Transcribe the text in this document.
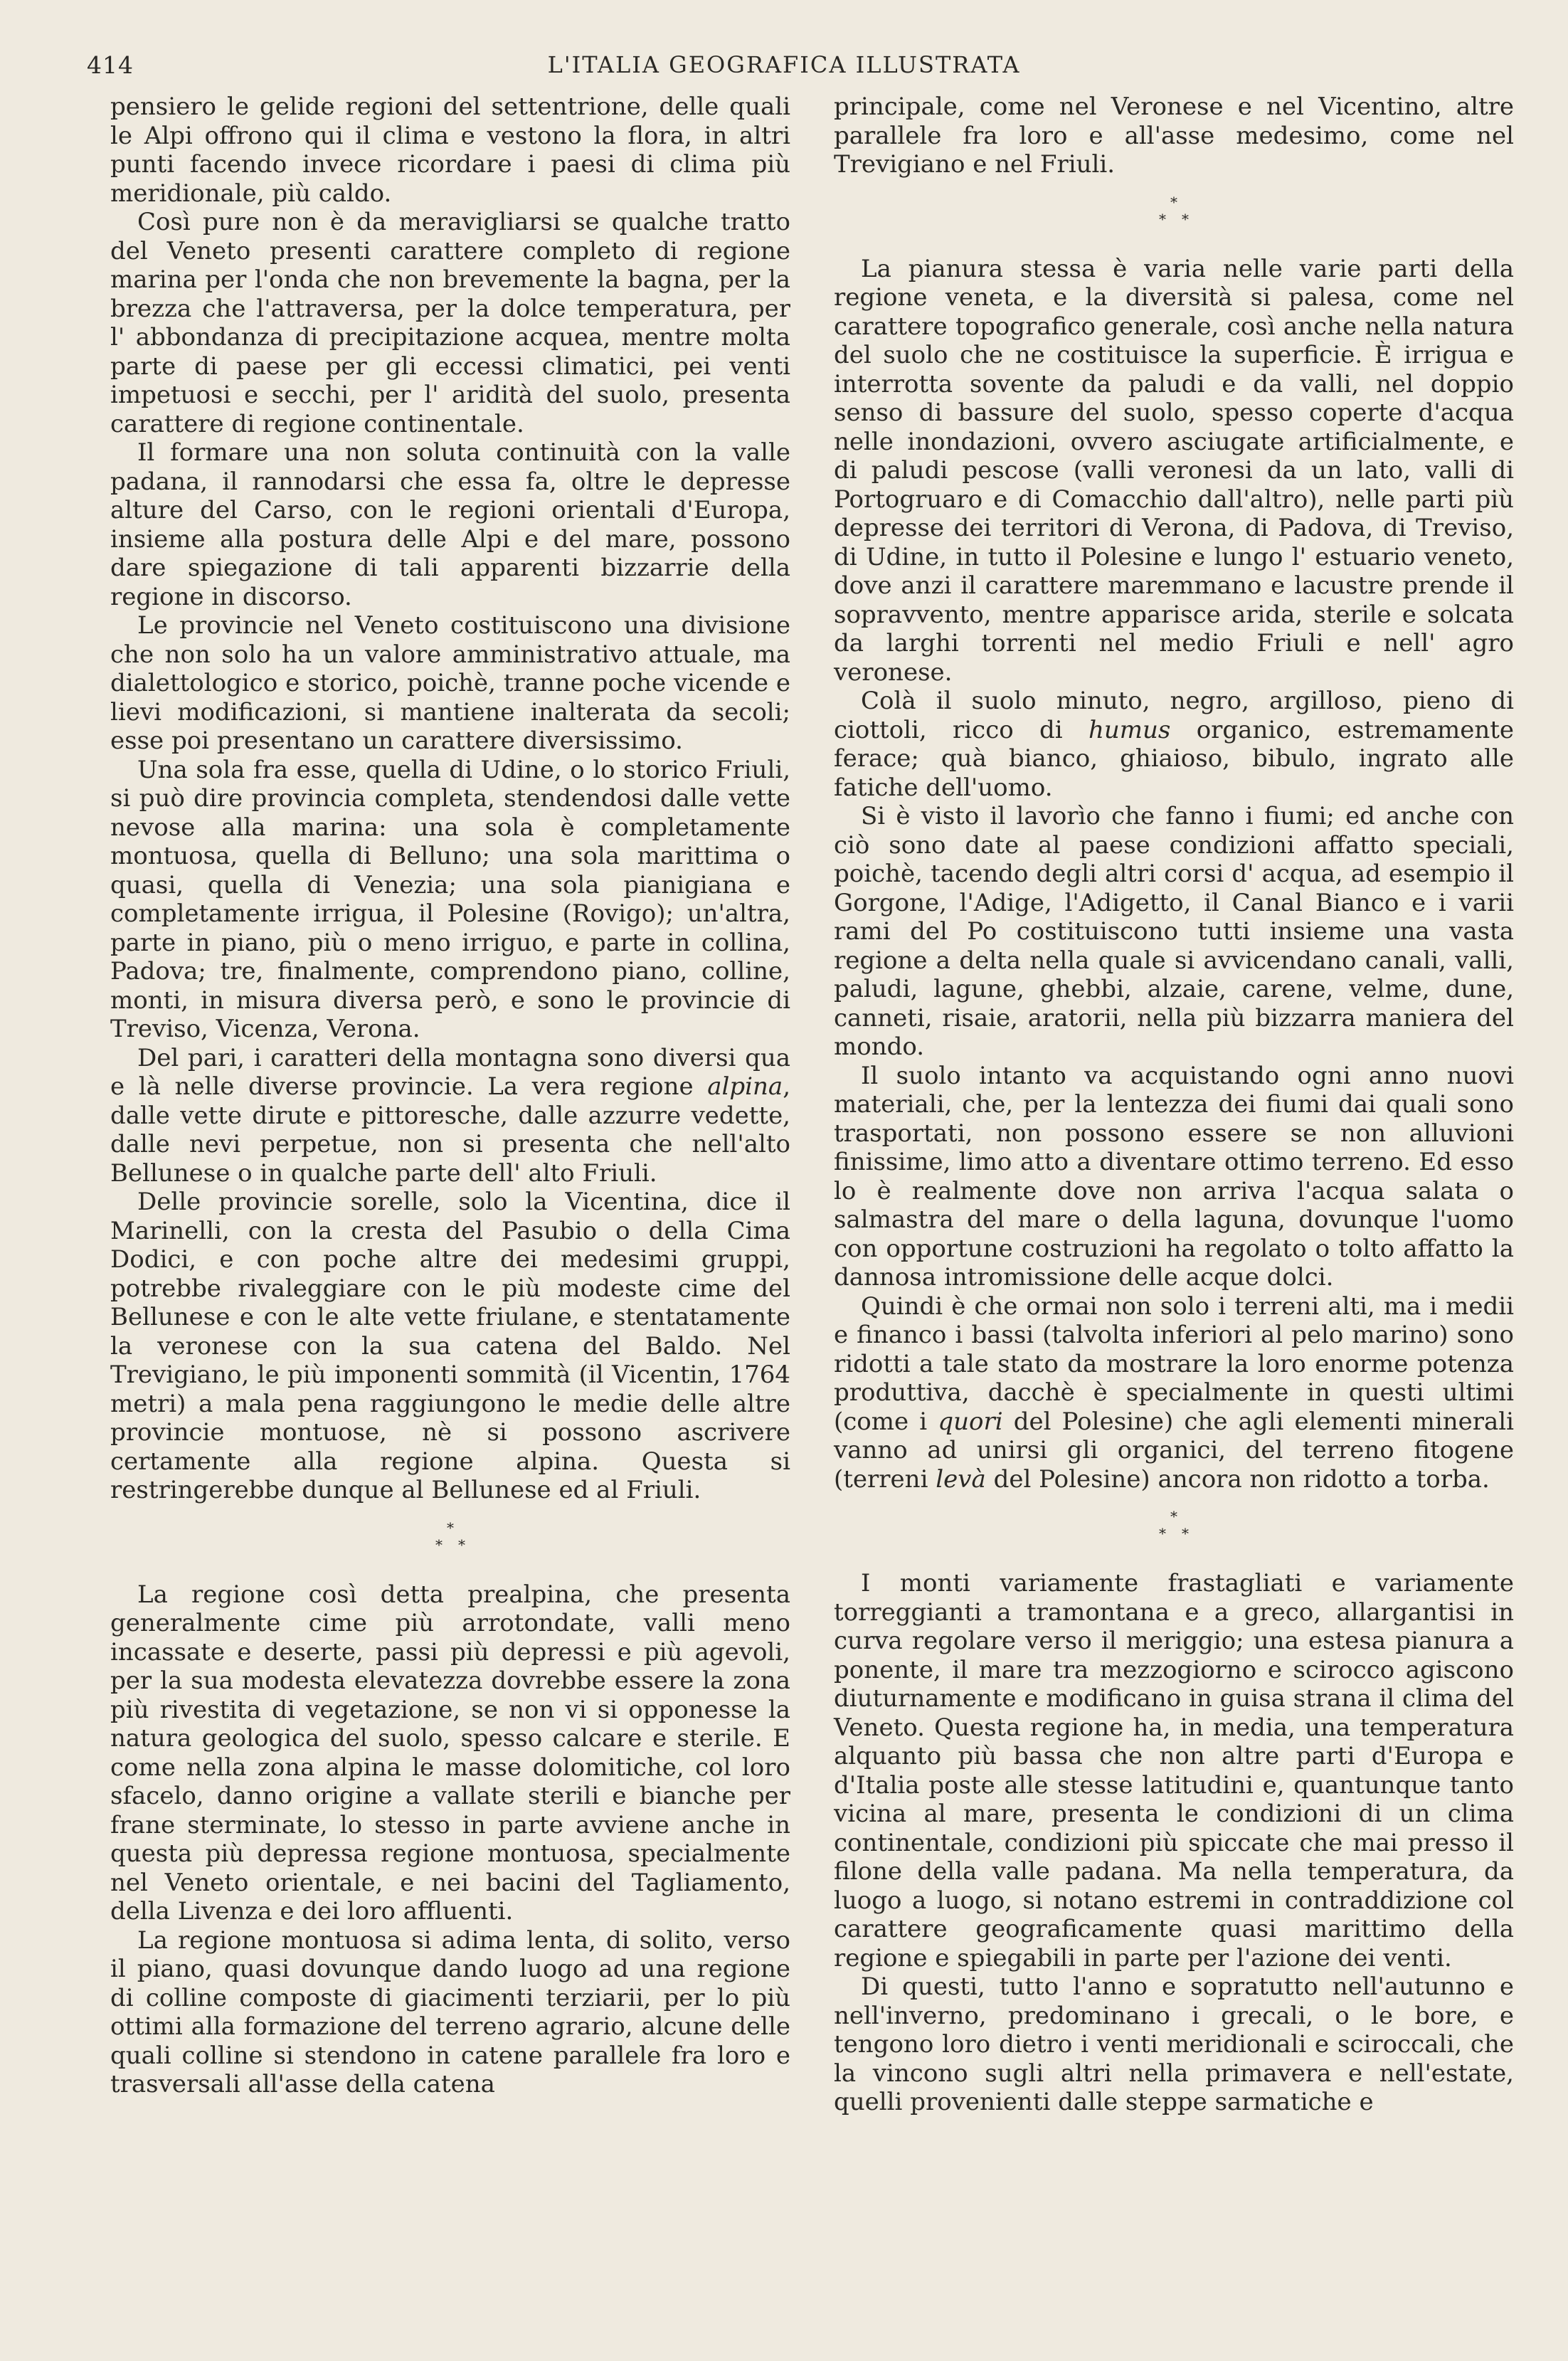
414	L'ITALIA GEOGRAFICA ILLUSTRATA

pensiero le gelide regioni del settentrione, delle quali le Alpi offrono qui il clima e vestono la flora, in altri punti facendo invece ricordare i paesi di clima più meridionale, più caldo.

Così pure non è da meravigliarsi se qualche tratto del Veneto presenti carattere completo di regione marina per l'onda che non brevemente la bagna, per la brezza che l'attraversa, per la dolce temperatura, per l' abbondanza di precipitazione acquea, mentre molta parte di paese per gli eccessi climatici, pei venti impetuosi e secchi, per l' aridità del suolo, presenta carattere di regione continentale.

Il formare una non soluta continuità con la valle padana, il rannodarsi che essa fa, oltre le depresse alture del Carso, con le regioni orientali d'Europa, insieme alla postura delle Alpi e del mare, possono dare spiegazione di tali apparenti bizzarrie della regione in discorso.

Le provincie nel Veneto costituiscono una divisione che non solo ha un valore amministrativo attuale, ma dialettologico e storico, poichè, tranne poche vicende e lievi modificazioni, si mantiene inalterata da secoli; esse poi presentano un carattere diversissimo.

Una sola fra esse, quella di Udine, o lo storico Friuli, si può dire provincia completa, stendendosi dalle vette nevose alla marina: una sola è completamente montuosa, quella di Belluno; una sola marittima o quasi, quella di Venezia; una sola pianigiana e completamente irrigua, il Polesine (Rovigo); un'altra, parte in piano, più o meno irriguo, e parte in collina, Padova; tre, finalmente, comprendono piano, colline, monti, in misura diversa però, e sono le provincie di Treviso, Vicenza, Verona.

Del pari, i caratteri della montagna sono diversi qua e là nelle diverse provincie. La vera regione alpina, dalle vette dirute e pittoresche, dalle azzurre vedette, dalle nevi perpetue, non si presenta che nell'alto Bellunese o in qualche parte dell' alto Friuli.

Delle provincie sorelle, solo la Vicentina, dice il Marinelli, con la cresta del Pasubio o della Cima Dodici, e con poche altre dei medesimi gruppi, potrebbe rivaleggiare con le più modeste cime del Bellunese e con le alte vette friulane, e stentatamente la veronese con la sua catena del Baldo. Nel Trevigiano, le più imponenti sommità (il Vicentin, 1764 metri) a mala pena raggiungono le medie delle altre provincie montuose, nè si possono ascrivere certamente alla regione alpina. Questa si restringerebbe dunque al Bellunese ed al Friuli.

*
* *

La regione così detta prealpina, che presenta generalmente cime più arrotondate, valli meno incassate e deserte, passi più depressi e più agevoli, per la sua modesta elevatezza dovrebbe essere la zona più rivestita di vegetazione, se non vi si opponesse la natura geologica del suolo, spesso calcare e sterile. E come nella zona alpina le masse dolomitiche, col loro sfacelo, danno origine a vallate sterili e bianche per frane sterminate, lo stesso in parte avviene anche in questa più depressa regione montuosa, specialmente nel Veneto orientale, e nei bacini del Tagliamento, della Livenza e dei loro affluenti.

La regione montuosa si adima lenta, di solito, verso il piano, quasi dovunque dando luogo ad una regione di colline composte di giacimenti terziarii, per lo più ottimi alla formazione del terreno agrario, alcune delle quali colline si stendono in catene parallele fra loro e trasversali all'asse della catena

principale, come nel Veronese e nel Vicentino, altre parallele fra loro e all'asse medesimo, come nel Trevigiano e nel Friuli.

*
* *

La pianura stessa è varia nelle varie parti della regione veneta, e la diversità si palesa, come nel carattere topografico generale, così anche nella natura del suolo che ne costituisce la superficie. È irrigua e interrotta sovente da paludi e da valli, nel doppio senso di bassure del suolo, spesso coperte d'acqua nelle inondazioni, ovvero asciugate artificialmente, e di paludi pescose (valli veronesi da un lato, valli di Portogruaro e di Comacchio dall'altro), nelle parti più depresse dei territori di Verona, di Padova, di Treviso, di Udine, in tutto il Polesine e lungo l' estuario veneto, dove anzi il carattere maremmano e lacustre prende il sopravvento, mentre apparisce arida, sterile e solcata da larghi torrenti nel medio Friuli e nell' agro veronese.

Colà il suolo minuto, negro, argilloso, pieno di ciottoli, ricco di humus organico, estremamente ferace; quà bianco, ghiaioso, bibulo, ingrato alle fatiche dell'uomo.

Si è visto il lavorìo che fanno i fiumi; ed anche con ciò sono date al paese condizioni affatto speciali, poichè, tacendo degli altri corsi d' acqua, ad esempio il Gorgone, l'Adige, l'Adigetto, il Canal Bianco e i varii rami del Po costituiscono tutti insieme una vasta regione a delta nella quale si avvicendano canali, valli, paludi, lagune, ghebbi, alzaie, carene, velme, dune, canneti, risaie, aratorii, nella più bizzarra maniera del mondo.

Il suolo intanto va acquistando ogni anno nuovi materiali, che, per la lentezza dei fiumi dai quali sono trasportati, non possono essere se non alluvioni finissime, limo atto a diventare ottimo terreno. Ed esso lo è realmente dove non arriva l'acqua salata o salmastra del mare o della laguna, dovunque l'uomo con opportune costruzioni ha regolato o tolto affatto la dannosa intromissione delle acque dolci.

Quindi è che ormai non solo i terreni alti, ma i medii e financo i bassi (talvolta inferiori al pelo marino) sono ridotti a tale stato da mostrare la loro enorme potenza produttiva, dacchè è specialmente in questi ultimi (come i quori del Polesine) che agli elementi minerali vanno ad unirsi gli organici, del terreno fitogene (terreni levà del Polesine) ancora non ridotto a torba.

*
* *

I monti variamente frastagliati e variamente torreggianti a tramontana e a greco, allargantisi in curva regolare verso il meriggio; una estesa pianura a ponente, il mare tra mezzogiorno e scirocco agiscono diuturnamente e modificano in guisa strana il clima del Veneto. Questa regione ha, in media, una temperatura alquanto più bassa che non altre parti d'Europa e d'Italia poste alle stesse latitudini e, quantunque tanto vicina al mare, presenta le condizioni di un clima continentale, condizioni più spiccate che mai presso il filone della valle padana. Ma nella temperatura, da luogo a luogo, si notano estremi in contraddizione col carattere geograficamente quasi marittimo della regione e spiegabili in parte per l'azione dei venti.

Di questi, tutto l'anno e sopratutto nell'autunno e nell'inverno, predominano i grecali, o le bore, e tengono loro dietro i venti meridionali e sciroccali, che la vincono sugli altri nella primavera e nell'estate, quelli provenienti dalle steppe sarmatiche e
